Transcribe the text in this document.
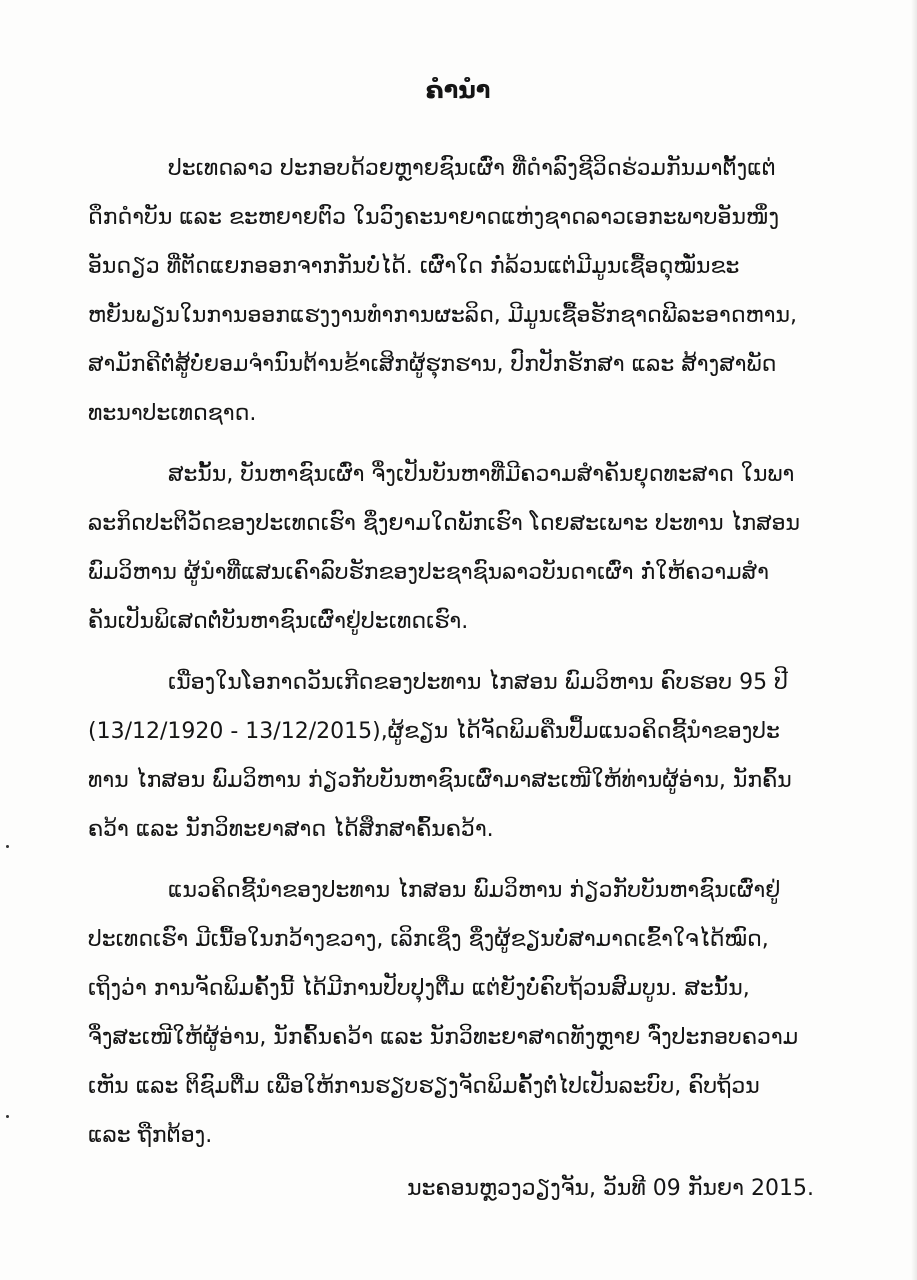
ຄຳນຳ
ປະເທດລາວ ປະກອບດ້ວຍຫຼາຍຊົນເຜົ່າ ທີ່ດຳລົງຊີວິດຮ່ວມກັນມາຕັ້ງແຕ່
ດຶກດຳບັນ ແລະ ຂະຫຍາຍຕົວ ໃນວົງຄະນາຍາດແຫ່ງຊາດລາວເອກະພາບອັນໜຶ່ງ
ອັນດຽວ ທີ່ຕັດແຍກອອກຈາກກັນບໍ່ໄດ້. ເຜົ່າໃດ ກໍ່ລ້ວນແຕ່ມີມູນເຊື້ອດຸໝັ່ນຂະ
ຫຍັນພຽນໃນການອອກແຮງງານທຳການຜະລິດ, ມີມູນເຊື້ອຮັກຊາດພີລະອາດຫານ,
ສາມັກຄີຕໍ່ສູ້ບໍ່ຍອມຈຳນົນຕ້ານຂ້າເສິກຜູ້ຮຸກຮານ, ປົກປັກຮັກສາ ແລະ ສ້າງສາພັດ
ທະນາປະເທດຊາດ.
ສະນັ້ນ, ບັນຫາຊົນເຜົ່າ ຈຶ່ງເປັນບັນຫາທີ່ມີຄວາມສຳຄັນຍຸດທະສາດ ໃນພາ
ລະກິດປະຕິວັດຂອງປະເທດເຮົາ ຊຶ່ງຍາມໃດພັກເຮົາ ໂດຍສະເພາະ ປະທານ ໄກສອນ
ພົມວິຫານ ຜູ້ນຳທີ່ແສນເຄົາລົບຮັກຂອງປະຊາຊົນລາວບັນດາເຜົ່າ ກໍ່ໃຫ້ຄວາມສຳ
ຄັນເປັນພິເສດຕໍ່ບັນຫາຊົນເຜົ່າຢູ່ປະເທດເຮົາ.
ເນື່ອງໃນໂອກາດວັນເກີດຂອງປະທານ ໄກສອນ ພົມວິຫານ ຄົບຮອບ 95 ປີ
(13/12/1920 - 13/12/2015),ຜູ້ຂຽນ ໄດ້ຈັດພິມຄືນປຶ້ມແນວຄິດຊີ້ນຳຂອງປະ
ທານ ໄກສອນ ພົມວິຫານ ກ່ຽວກັບບັນຫາຊົນເຜົ່າມາສະເໜີໃຫ້ທ່ານຜູ້ອ່ານ, ນັກຄົ້ນ
ຄວ້າ ແລະ ນັກວິທະຍາສາດ ໄດ້ສຶກສາຄົ້ນຄວ້າ.
ແນວຄິດຊີ້ນຳຂອງປະທານ ໄກສອນ ພົມວິຫານ ກ່ຽວກັບບັນຫາຊົນເຜົ່າຢູ່
ປະເທດເຮົາ ມີເນື້ອໃນກວ້າງຂວາງ, ເລິກເຊິ່ງ ຊຶ່ງຜູ້ຂຽນບໍ່ສາມາດເຂົ້າໃຈໄດ້ໝົດ,
ເຖິງວ່າ ການຈັດພິມຄັ້ງນີ້ ໄດ້ມີການປັບປຸງຕື່ມ ແຕ່ຍັງບໍ່ຄົບຖ້ວນສົມບູນ. ສະນັ້ນ,
ຈຶ່ງສະເໜີໃຫ້ຜູ້ອ່ານ, ນັກຄົ້ນຄວ້າ ແລະ ນັກວິທະຍາສາດທັງຫຼາຍ ຈົ່ງປະກອບຄວາມ
ເຫັນ ແລະ ຕິຊົມຕື່ມ ເພື່ອໃຫ້ການຮຽບຮຽງຈັດພິມຄັ້ງຕໍ່ໄປເປັນລະບົບ, ຄົບຖ້ວນ
ແລະ ຖືກຕ້ອງ.
ນະຄອນຫຼວງວຽງຈັນ, ວັນທີ 09 ກັນຍາ 2015.
